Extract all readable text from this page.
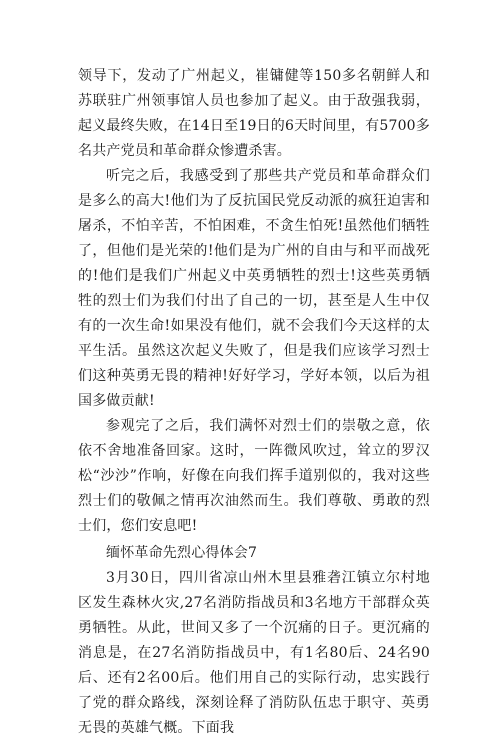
领导下，发动了广州起义，崔镛健等150多名朝鲜人和苏联驻广州领事馆人员也参加了起义。由于敌强我弱，起义最终失败，在14日至19日的6天时间里，有5700多名共产党员和革命群众惨遭杀害。

听完之后，我感受到了那些共产党员和革命群众们是多么的高大!他们为了反抗国民党反动派的疯狂迫害和屠杀，不怕辛苦，不怕困难，不贪生怕死!虽然他们牺牲了，但他们是光荣的!他们是为广州的自由与和平而战死的!他们是我们广州起义中英勇牺牲的烈士!这些英勇牺牲的烈士们为我们付出了自己的一切，甚至是人生中仅有的一次生命!如果没有他们，就不会我们今天这样的太平生活。虽然这次起义失败了，但是我们应该学习烈士们这种英勇无畏的精神!好好学习，学好本领，以后为祖国多做贡献!

参观完了之后，我们满怀对烈士们的崇敬之意，依依不舍地准备回家。这时，一阵微风吹过，耸立的罗汉松“沙沙”作响，好像在向我们挥手道别似的，我对这些烈士们的敬佩之情再次油然而生。我们尊敬、勇敢的烈士们，您们安息吧!

缅怀革命先烈心得体会7

3月30日，四川省凉山州木里县雅砻江镇立尔村地区发生森林火灾,27名消防指战员和3名地方干部群众英勇牺牲。从此，世间又多了一个沉痛的日子。更沉痛的消息是，在27名消防指战员中，有1名80后、24名90后、还有2名00后。他们用自己的实际行动，忠实践行了党的群众路线，深刻诠释了消防队伍忠于职守、英勇无畏的英雄气概。下面我
